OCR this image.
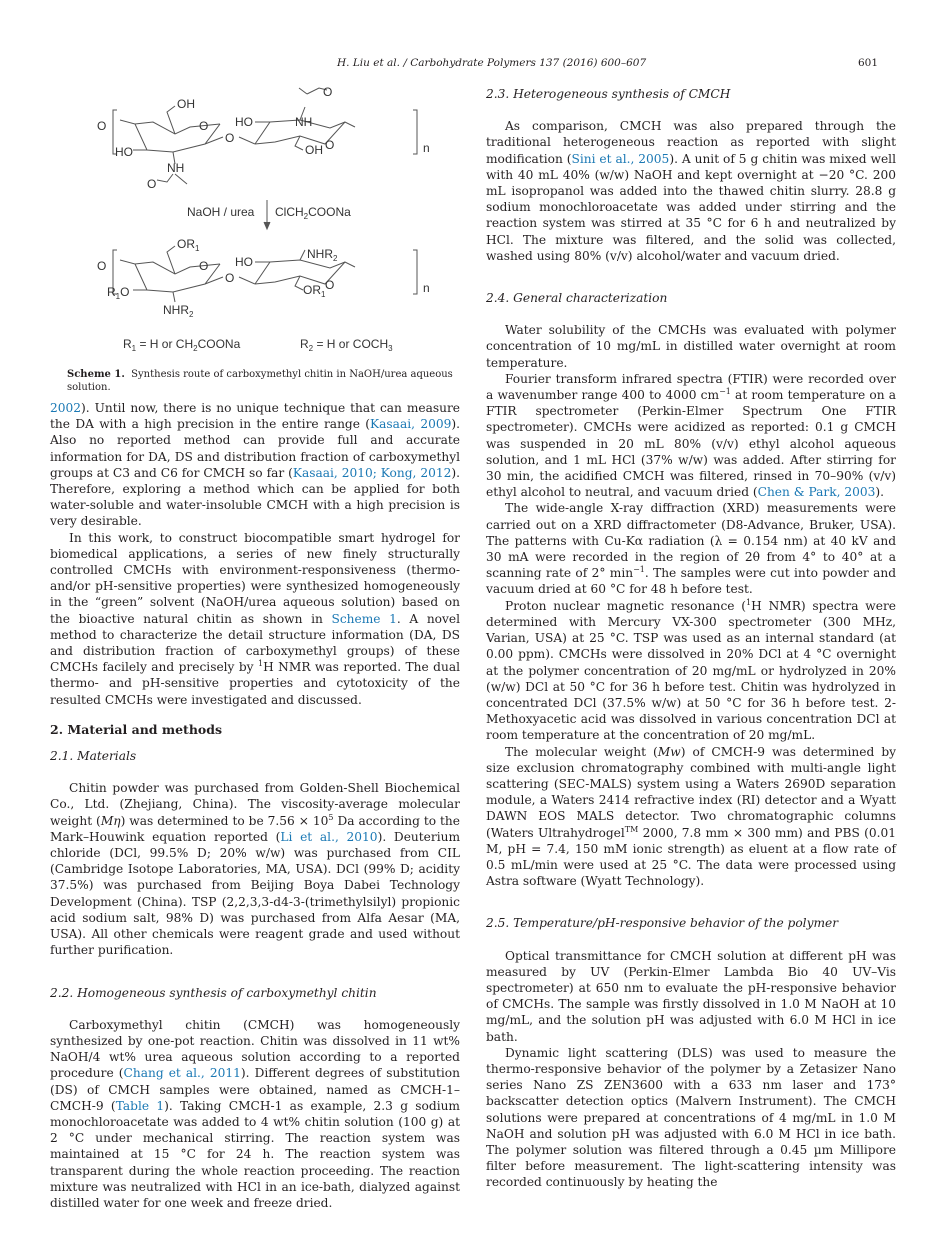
H. Liu et al. / Carbohydrate Polymers 137 (2016) 600–607	601
O
OH
O
HO
NH
O
O
HO	NH
O
O
OH	n
NaOH / urea ClCH$_2$COONa
O
$OR_1$
O
$R_1O$
$NHR_2$
O
HO
$NHR_2$
O
$OR_1$	n
$R_1 = H$ or $CH_2COONa$	$R_2 = H$ or $COCH_3$
Scheme 1. Synthesis route of carboxymethyl chitin in NaOH/urea aqueous solution.

2002). Until now, there is no unique technique that can measure the DA with a high precision in the entire range (Kasaai, 2009). Also no reported method can provide full and accurate information for DA, DS and distribution fraction of carboxymethyl groups at C3 and C6 for CMCH so far (Kasaai, 2010; Kong, 2012). Therefore, exploring a method which can be applied for both water-soluble and water-insoluble CMCH with a high precision is very desirable.

In this work, to construct biocompatible smart hydrogel for biomedical applications, a series of new finely structurally controlled CMCHs with environment-responsiveness (thermo- and/or pH-sensitive properties) were synthesized homogeneously in the “green” solvent (NaOH/urea aqueous solution) based on the bioactive natural chitin as shown in Scheme 1. A novel method to characterize the detail structure information (DA, DS and distribution fraction of carboxymethyl groups) of these CMCHs facilely and precisely by $^1$H NMR was reported. The dual thermo- and pH-sensitive properties and cytotoxicity of the resulted CMCHs were investigated and discussed.

2. Material and methods
2.1. Materials

Chitin powder was purchased from Golden-Shell Biochemical Co., Ltd. (Zhejiang, China). The viscosity-average molecular weight (Mη) was determined to be $7.56 \times 10^5$ Da according to the Mark–Houwink equation reported (Li et al., 2010). Deuterium chloride (DCl, 99.5% D; 20% w/w) was purchased from CIL (Cambridge Isotope Laboratories, MA, USA). DCl (99% D; acidity 37.5%) was purchased from Beijing Boya Dabei Technology Development (China). TSP (2,2,3,3-d4-3-(trimethylsilyl) propionic acid sodium salt, 98% D) was purchased from Alfa Aesar (MA, USA). All other chemicals were reagent grade and used without further purification.

2.2. Homogeneous synthesis of carboxymethyl chitin

Carboxymethyl chitin (CMCH) was homogeneously synthesized by one-pot reaction. Chitin was dissolved in 11 wt% NaOH/4 wt% urea aqueous solution according to a reported procedure (Chang et al., 2011). Different degrees of substitution (DS) of CMCH samples were obtained, named as CMCH-1–CMCH-9 (Table 1). Taking CMCH-1 as example, 2.3 g sodium monochloroacetate was added to 4 wt% chitin solution (100 g) at 2 °C under mechanical stirring. The reaction system was maintained at 15 °C for 24 h. The reaction system was transparent during the whole reaction proceeding. The reaction mixture was neutralized with HCl in an ice-bath, dialyzed against distilled water for one week and freeze dried.

2.3. Heterogeneous synthesis of CMCH

As comparison, CMCH was also prepared through the traditional heterogeneous reaction as reported with slight modification (Sini et al., 2005). A unit of 5 g chitin was mixed well with 40 mL 40% (w/w) NaOH and kept overnight at −20 °C. 200 mL isopropanol was added into the thawed chitin slurry. 28.8 g sodium monochloroacetate was added under stirring and the reaction system was stirred at 35 °C for 6 h and neutralized by HCl. The mixture was filtered, and the solid was collected, washed using 80% (v/v) alcohol/water and vacuum dried.

2.4. General characterization

Water solubility of the CMCHs was evaluated with polymer concentration of 10 mg/mL in distilled water overnight at room temperature.

Fourier transform infrared spectra (FTIR) were recorded over a wavenumber range 400 to 4000 $cm^{-1}$ at room temperature on a FTIR spectrometer (Perkin-Elmer Spectrum One FTIR spectrometer). CMCHs were acidized as reported: 0.1 g CMCH was suspended in 20 mL 80% (v/v) ethyl alcohol aqueous solution, and 1 mL HCl (37% w/w) was added. After stirring for 30 min, the acidified CMCH was filtered, rinsed in 70–90% (v/v) ethyl alcohol to neutral, and vacuum dried (Chen & Park, 2003).

The wide-angle X-ray diffraction (XRD) measurements were carried out on a XRD diffractometer (D8-Advance, Bruker, USA). The patterns with Cu-Kα radiation (λ = 0.154 nm) at 40 kV and 30 mA were recorded in the region of 2θ from 4° to 40° at a scanning rate of 2° $\min^{-1}$. The samples were cut into powder and vacuum dried at 60 °C for 48 h before test.

Proton nuclear magnetic resonance ($^1$H NMR) spectra were determined with Mercury VX-300 spectrometer (300 MHz, Varian, USA) at 25 °C. TSP was used as an internal standard (at 0.00 ppm). CMCHs were dissolved in 20% DCl at 4 °C overnight at the polymer concentration of 20 mg/mL or hydrolyzed in 20% (w/w) DCl at 50 °C for 36 h before test. Chitin was hydrolyzed in concentrated DCl (37.5% w/w) at 50 °C for 36 h before test. 2-Methoxyacetic acid was dissolved in various concentration DCl at room temperature at the concentration of 20 mg/mL.

The molecular weight (Mw) of CMCH-9 was determined by size exclusion chromatography combined with multi-angle light scattering (SEC-MALS) system using a Waters 2690D separation module, a Waters 2414 refractive index (RI) detector and a Wyatt DAWN EOS MALS detector. Two chromatographic columns (Waters Ultrahydrogel™ 2000, 7.8 mm × 300 mm) and PBS (0.01 M, pH = 7.4, 150 mM ionic strength) as eluent at a flow rate of 0.5 mL/min were used at 25 °C. The data were processed using Astra software (Wyatt Technology).

2.5. Temperature/pH-responsive behavior of the polymer

Optical transmittance for CMCH solution at different pH was measured by UV (Perkin-Elmer Lambda Bio 40 UV–Vis spectrometer) at 650 nm to evaluate the pH-responsive behavior of CMCHs. The sample was firstly dissolved in 1.0 M NaOH at 10 mg/mL, and the solution pH was adjusted with 6.0 M HCl in ice bath.

Dynamic light scattering (DLS) was used to measure the thermo-responsive behavior of the polymer by a Zetasizer Nano series Nano ZS ZEN3600 with a 633 nm laser and 173° backscatter detection optics (Malvern Instrument). The CMCH solutions were prepared at concentrations of 4 mg/mL in 1.0 M NaOH and solution pH was adjusted with 6.0 M HCl in ice bath. The polymer solution was filtered through a 0.45 µm Millipore filter before measurement. The light-scattering intensity was recorded continuously by heating the
